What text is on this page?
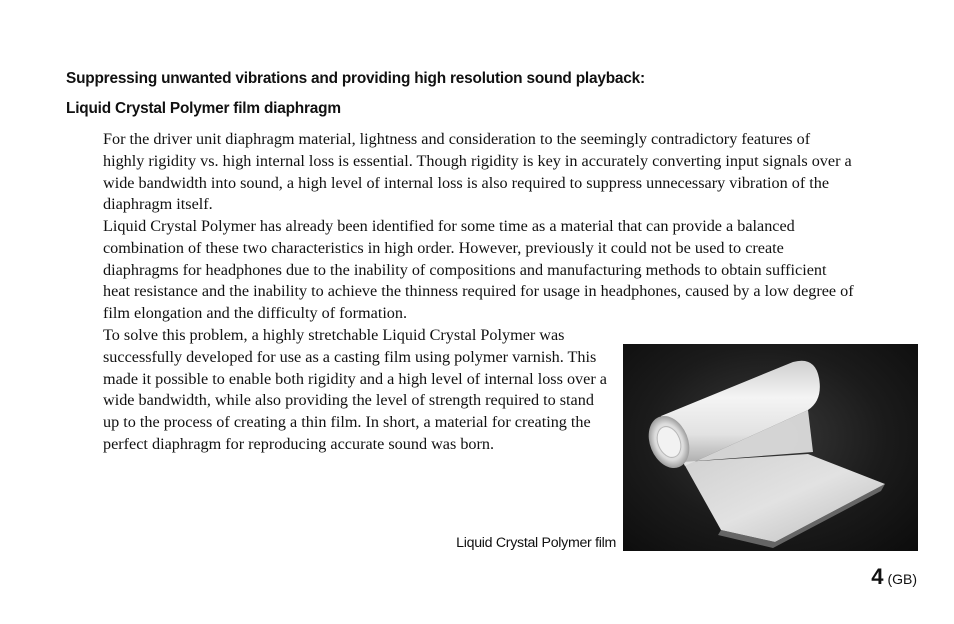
Suppressing unwanted vibrations and providing high resolution sound playback:
Liquid Crystal Polymer film diaphragm

For the driver unit diaphragm material, lightness and consideration to the seemingly contradictory features of highly rigidity vs. high internal loss is essential. Though rigidity is key in accurately converting input signals over a wide bandwidth into sound, a high level of internal loss is also required to suppress unnecessary vibration of the diaphragm itself.

Liquid Crystal Polymer has already been identified for some time as a material that can provide a balanced combination of these two characteristics in high order. However, previously it could not be used to create diaphragms for headphones due to the inability of compositions and manufacturing methods to obtain sufficient heat resistance and the inability to achieve the thinness required for usage in headphones, caused by a low degree of film elongation and the difficulty of formation.

To solve this problem, a highly stretchable Liquid Crystal Polymer was successfully developed for use as a casting film using polymer varnish. This made it possible to enable both rigidity and a high level of internal loss over a wide bandwidth, while also providing the level of strength required to stand up to the process of creating a thin film. In short, a material for creating the perfect diaphragm for reproducing accurate sound was born.

Liquid Crystal Polymer film
4 (GB)
